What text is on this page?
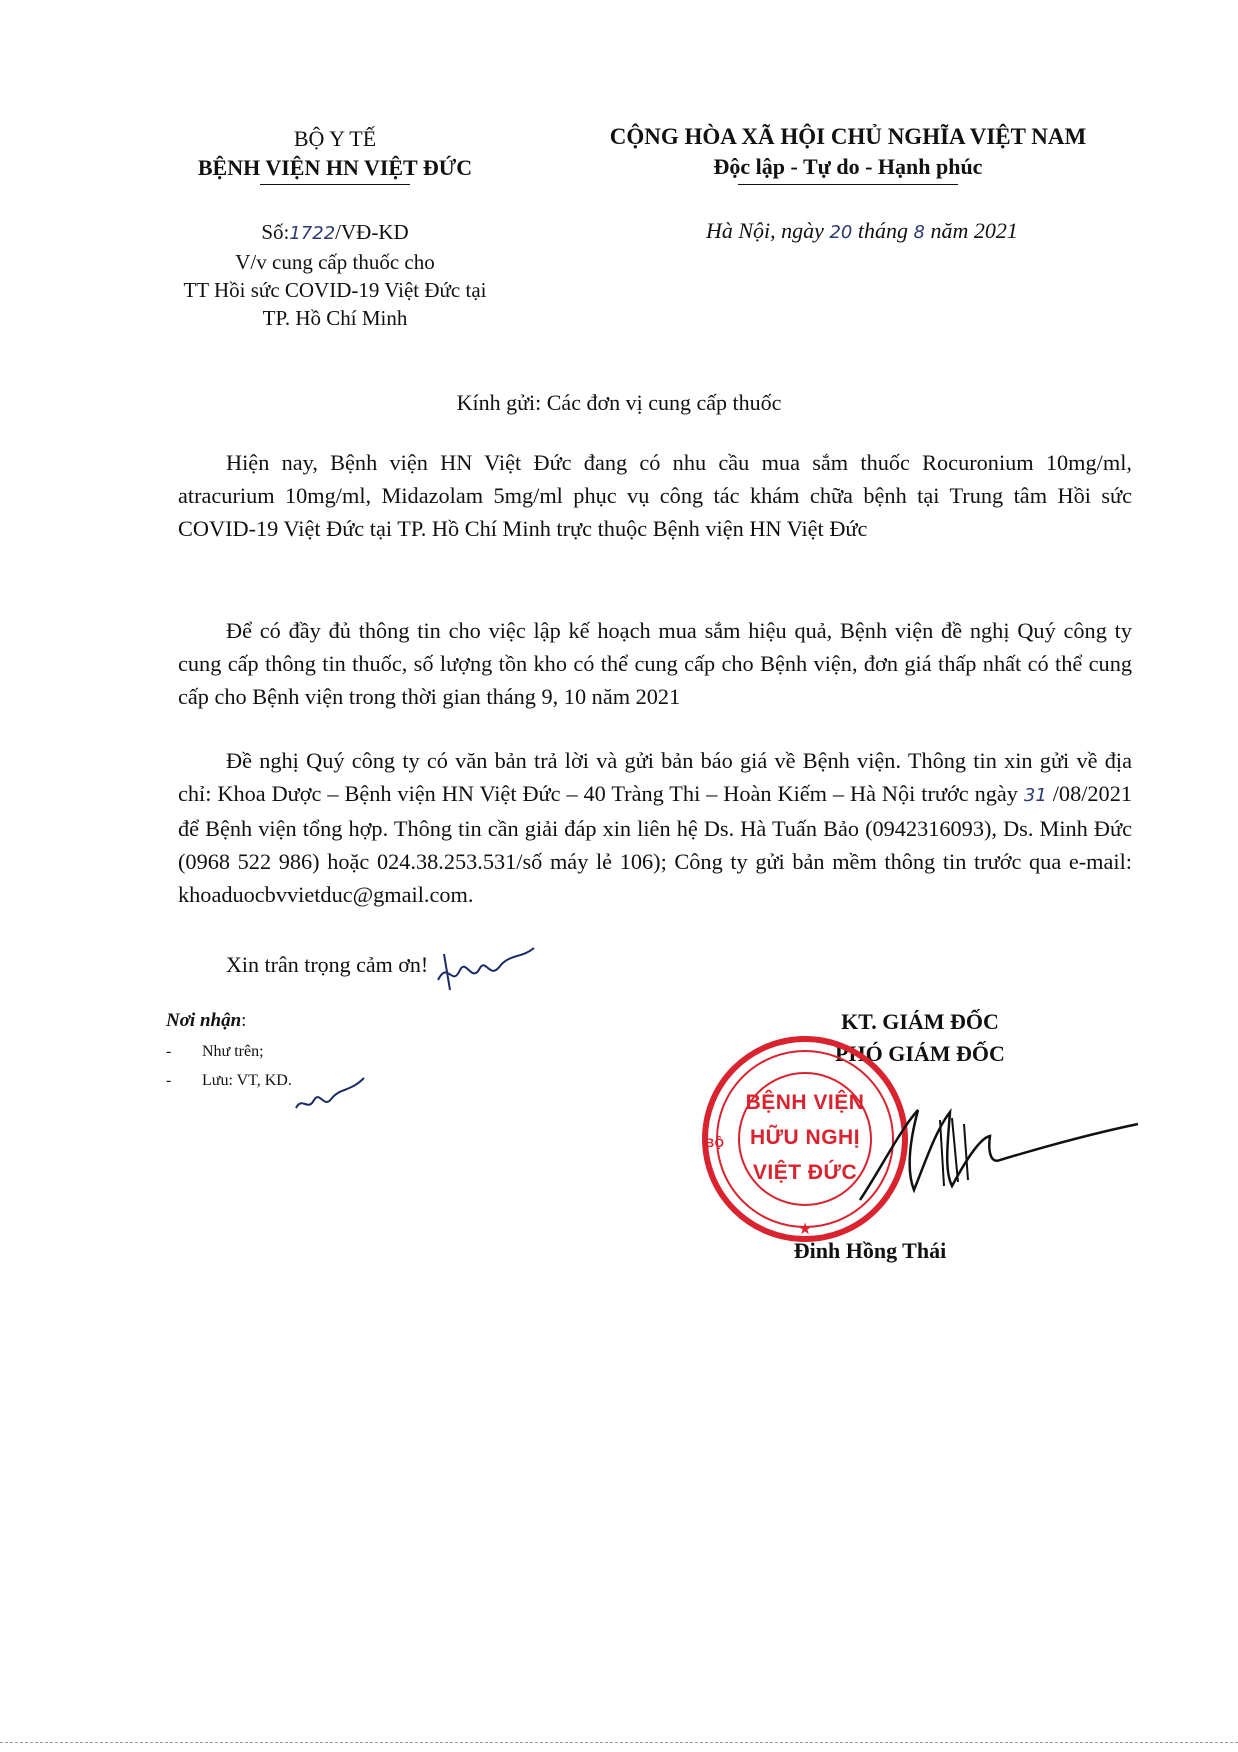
BỘ Y TẾ
BỆNH VIỆN HN VIỆT ĐỨC
CỘNG HÒA XÃ HỘI CHỦ NGHĨA VIỆT NAM
Độc lập - Tự do - Hạnh phúc
Số:1722/VĐ-KD
V/v cung cấp thuốc cho
TT Hồi sức COVID-19 Việt Đức tại
TP. Hồ Chí Minh
Hà Nội, ngày 20 tháng 8 năm 2021
Kính gửi: Các đơn vị cung cấp thuốc
Hiện nay, Bệnh viện HN Việt Đức đang có nhu cầu mua sắm thuốc Rocuronium 10mg/ml, atracurium 10mg/ml, Midazolam 5mg/ml phục vụ công tác khám chữa bệnh tại Trung tâm Hồi sức COVID-19 Việt Đức tại TP. Hồ Chí Minh trực thuộc Bệnh viện HN Việt Đức
Để có đầy đủ thông tin cho việc lập kế hoạch mua sắm hiệu quả, Bệnh viện đề nghị Quý công ty cung cấp thông tin thuốc, số lượng tồn kho có thể cung cấp cho Bệnh viện, đơn giá thấp nhất có thể cung cấp cho Bệnh viện trong thời gian tháng 9, 10 năm 2021
Đề nghị Quý công ty có văn bản trả lời và gửi bản báo giá về Bệnh viện. Thông tin xin gửi về địa chỉ: Khoa Dược – Bệnh viện HN Việt Đức – 40 Tràng Thi – Hoàn Kiếm – Hà Nội trước ngày 31 /08/2021 để Bệnh viện tổng hợp. Thông tin cần giải đáp xin liên hệ Ds. Hà Tuấn Bảo (0942316093), Ds. Minh Đức (0968 522 986) hoặc 024.38.253.531/số máy lẻ 106); Công ty gửi bản mềm thông tin trước qua e-mail: khoaduocbvvietduc@gmail.com.
Xin trân trọng cảm ơn!
Nơi nhận:
- Như trên;
- Lưu: VT, KD.
KT. GIÁM ĐỐC
PHÓ GIÁM ĐỐC
★
BỆNH VIỆN
HỮU NGHỊ
VIỆT ĐỨC
BỘ
Đinh Hồng Thái
